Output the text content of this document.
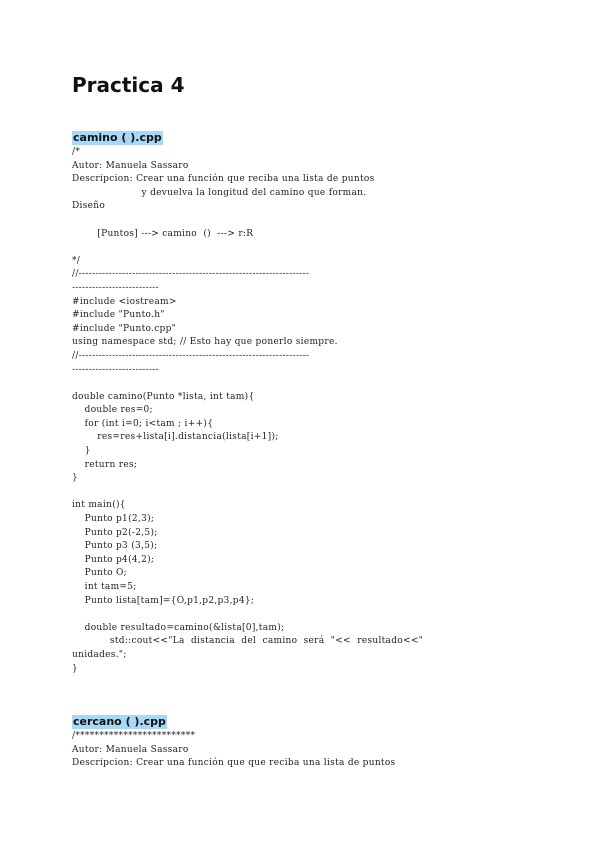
Practica 4
camino ( ).cpp
/*
Autor: Manuela Sassaro
Descripcion: Crear una función que reciba una lista de puntos
y devuelva la longitud del camino que forman.
Diseño

[Puntos] ---> camino  ()  ---> r:R

*/
//---------------------------------------------------------------------
--------------------------
#include <iostream>
#include "Punto.h"
#include "Punto.cpp"
using namespace std; // Esto hay que ponerlo siempre.
//---------------------------------------------------------------------
--------------------------

double camino(Punto *lista, int tam){
double res=0;
for (int i=0; i<tam ; i++){
res=res+lista[i].distancia(lista[i+1]);
}
return res;
}

int main(){
Punto p1(2,3);
Punto p2(-2,5);
Punto p3 (3,5);
Punto p4(4,2);
Punto O;
int tam=5;
Punto lista[tam]={O,p1,p2,p3,p4};

double resultado=camino(&lista[0],tam);
std::cout<<"La  distancia  del  camino  será  "<<  resultado<<"
unidades.";
}
cercano ( ).cpp
/*************************
Autor: Manuela Sassaro
Descripcion: Crear una función que que reciba una lista de puntos
